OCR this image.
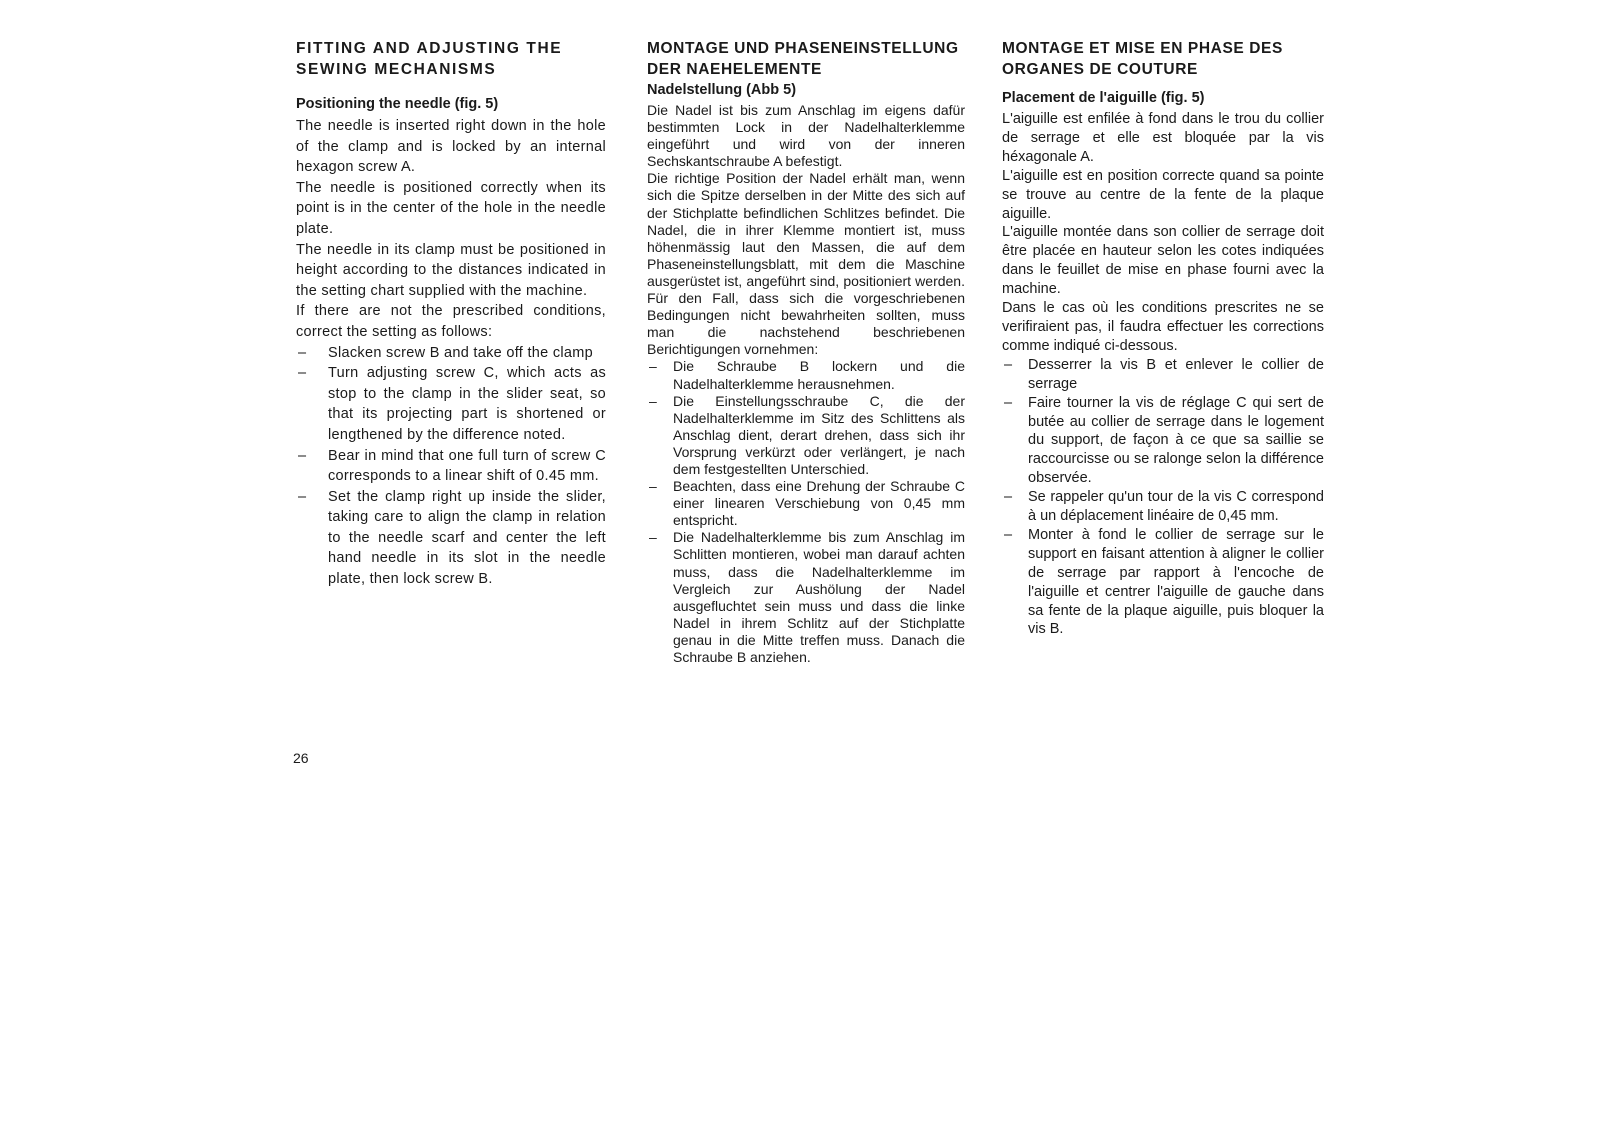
FITTING AND ADJUSTING THE SEWING MECHANISMS
Positioning the needle (fig. 5)

The needle is inserted right down in the hole of the clamp and is locked by an internal hexagon screw A.

The needle is positioned correctly when its point is in the center of the hole in the needle plate.

The needle in its clamp must be positioned in height according to the distances indicated in the setting chart supplied with the machine.

If there are not the prescribed conditions, correct the setting as follows:

– Slacken screw B and take off the clamp
– Turn adjusting screw C, which acts as stop to the clamp in the slider seat, so that its projecting part is shortened or lengthened by the difference noted.
– Bear in mind that one full turn of screw C corresponds to a linear shift of 0.45 mm.
– Set the clamp right up inside the slider, taking care to align the clamp in relation to the needle scarf and center the left hand needle in its slot in the needle plate, then lock screw B.
MONTAGE UND PHASENEINSTELLUNG DER NAEHELEMENTE
Nadelstellung (Abb 5)

Die Nadel ist bis zum Anschlag im eigens dafür bestimmten Lock in der Nadelhalterklemme eingeführt und wird von der inneren Sechskantschraube A befestigt.

Die richtige Position der Nadel erhält man, wenn sich die Spitze derselben in der Mitte des sich auf der Stichplatte befindlichen Schlitzes befindet. Die Nadel, die in ihrer Klemme montiert ist, muss höhenmässig laut den Massen, die auf dem Phaseneinstellungsblatt, mit dem die Maschine ausgerüstet ist, angeführt sind, positioniert werden. Für den Fall, dass sich die vorgeschriebenen Bedingungen nicht bewahrheiten sollten, muss man die nachstehend beschriebenen Berichtigungen vornehmen:

– Die Schraube B lockern und die Nadelhalterklemme herausnehmen.
– Die Einstellungsschraube C, die der Nadelhalterklemme im Sitz des Schlittens als Anschlag dient, derart drehen, dass sich ihr Vorsprung verkürzt oder verlängert, je nach dem festgestellten Unterschied.
– Beachten, dass eine Drehung der Schraube C einer linearen Verschiebung von 0,45 mm entspricht.
– Die Nadelhalterklemme bis zum Anschlag im Schlitten montieren, wobei man darauf achten muss, dass die Nadelhalterklemme im Vergleich zur Aushölung der Nadel ausgefluchtet sein muss und dass die linke Nadel in ihrem Schlitz auf der Stichplatte genau in die Mitte treffen muss. Danach die Schraube B anziehen.
MONTAGE ET MISE EN PHASE DES ORGANES DE COUTURE
Placement de l'aiguille (fig. 5)

L'aiguille est enfilée à fond dans le trou du collier de serrage et elle est bloquée par la vis héxagonale A.

L'aiguille est en position correcte quand sa pointe se trouve au centre de la fente de la plaque aiguille.

L'aiguille montée dans son collier de serrage doit être placée en hauteur selon les cotes indiquées dans le feuillet de mise en phase fourni avec la machine.

Dans le cas où les conditions prescrites ne se verifiraient pas, il faudra effectuer les corrections comme indiqué ci-dessous.

– Desserrer la vis B et enlever le collier de serrage
– Faire tourner la vis de réglage C qui sert de butée au collier de serrage dans le logement du support, de façon à ce que sa saillie se raccourcisse ou se ralonge selon la différence observée.
– Se rappeler qu'un tour de la vis C correspond à un déplacement linéaire de 0,45 mm.
– Monter à fond le collier de serrage sur le support en faisant attention à aligner le collier de serrage par rapport à l'encoche de l'aiguille et centrer l'aiguille de gauche dans sa fente de la plaque aiguille, puis bloquer la vis B.
26
